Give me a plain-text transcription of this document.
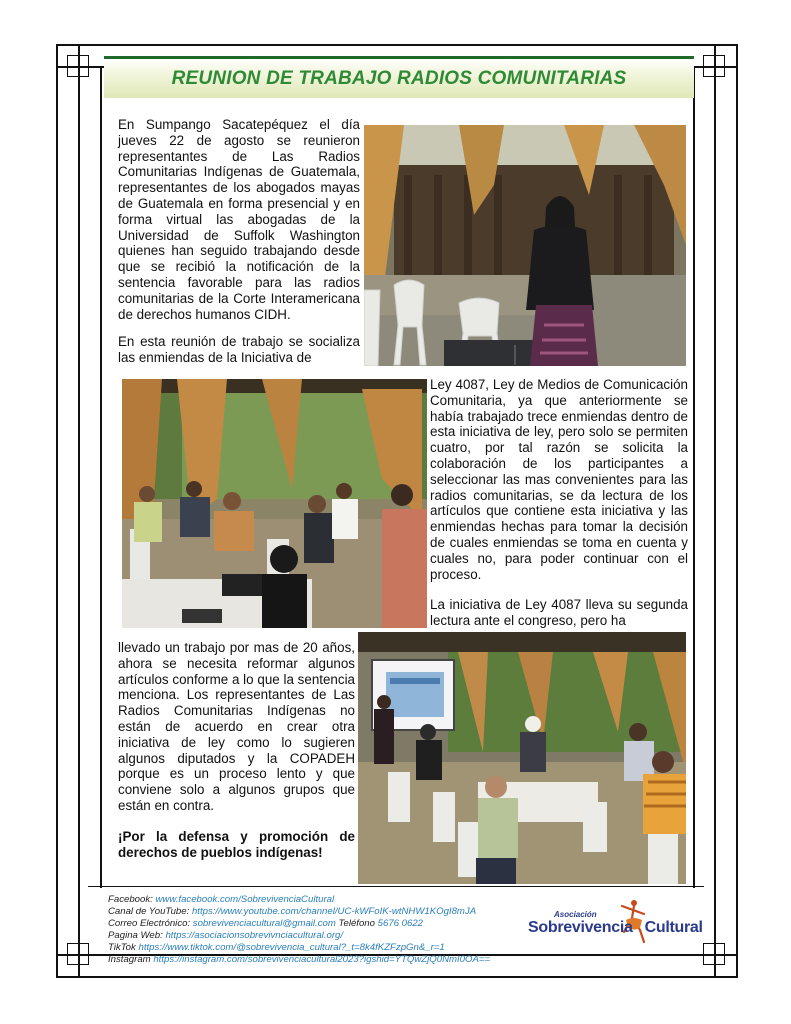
REUNION DE TRABAJO RADIOS COMUNITARIAS
En Sumpango Sacatepéquez el día jueves 22 de agosto se reunieron representantes de Las Radios Comunitarias Indígenas de Guatemala, representantes de los abogados mayas de Guatemala en forma presencial y en forma virtual las abogadas de la Universidad de Suffolk Washington quienes han seguido trabajando desde que se recibió la notificación de la sentencia favorable para las radios comunitarias de la Corte Interamericana de derechos humanos CIDH.
En esta reunión de trabajo se socializa las enmiendas de la Iniciativa de
Ley 4087, Ley de Medios de Comunicación Comunitaria, ya que anteriormente se había trabajado trece enmiendas dentro de esta iniciativa de ley, pero solo se permiten cuatro, por tal razón se solicita la colaboración de los participantes a seleccionar las mas convenientes para las radios comunitarias, se da lectura de los artículos que contiene esta iniciativa y las enmiendas hechas para tomar la decisión de cuales enmiendas se toma en cuenta y cuales no, para poder continuar con el proceso.
La iniciativa de Ley 4087 lleva su segunda lectura ante el congreso, pero ha
llevado un trabajo por mas de 20 años, ahora se necesita reformar algunos artículos conforme a lo que la sentencia menciona. Los representantes de Las Radios Comunitarias Indígenas no están de acuerdo en crear otra iniciativa de ley como lo sugieren algunos diputados y la COPADEH porque es un proceso lento y que conviene solo a algunos grupos que están en contra.
¡Por la defensa y promoción de derechos de pueblos indígenas!
Facebook: www.facebook.com/SobrevivenciaCultural
Canal de YouTube: https://www.youtube.com/channel/UC-kWFoIK-wtNHW1KOgI8mJA
Correo Electrónico: sobrevivenciacultural@gmail.com Teléfono 5676 0622
Pagina Web: https://asociacionsobrevivnciacultural.org/
TikTok https://www.tiktok.com/@sobrevivencia_cultural?_t=8k4fKZFzpGn&_r=1
Instagram https://instagram.com/sobrevivenciacultural2023?igshid=YTQwZjQ0NmI0OA==
Asociación
Sobrevivencia Cultural
